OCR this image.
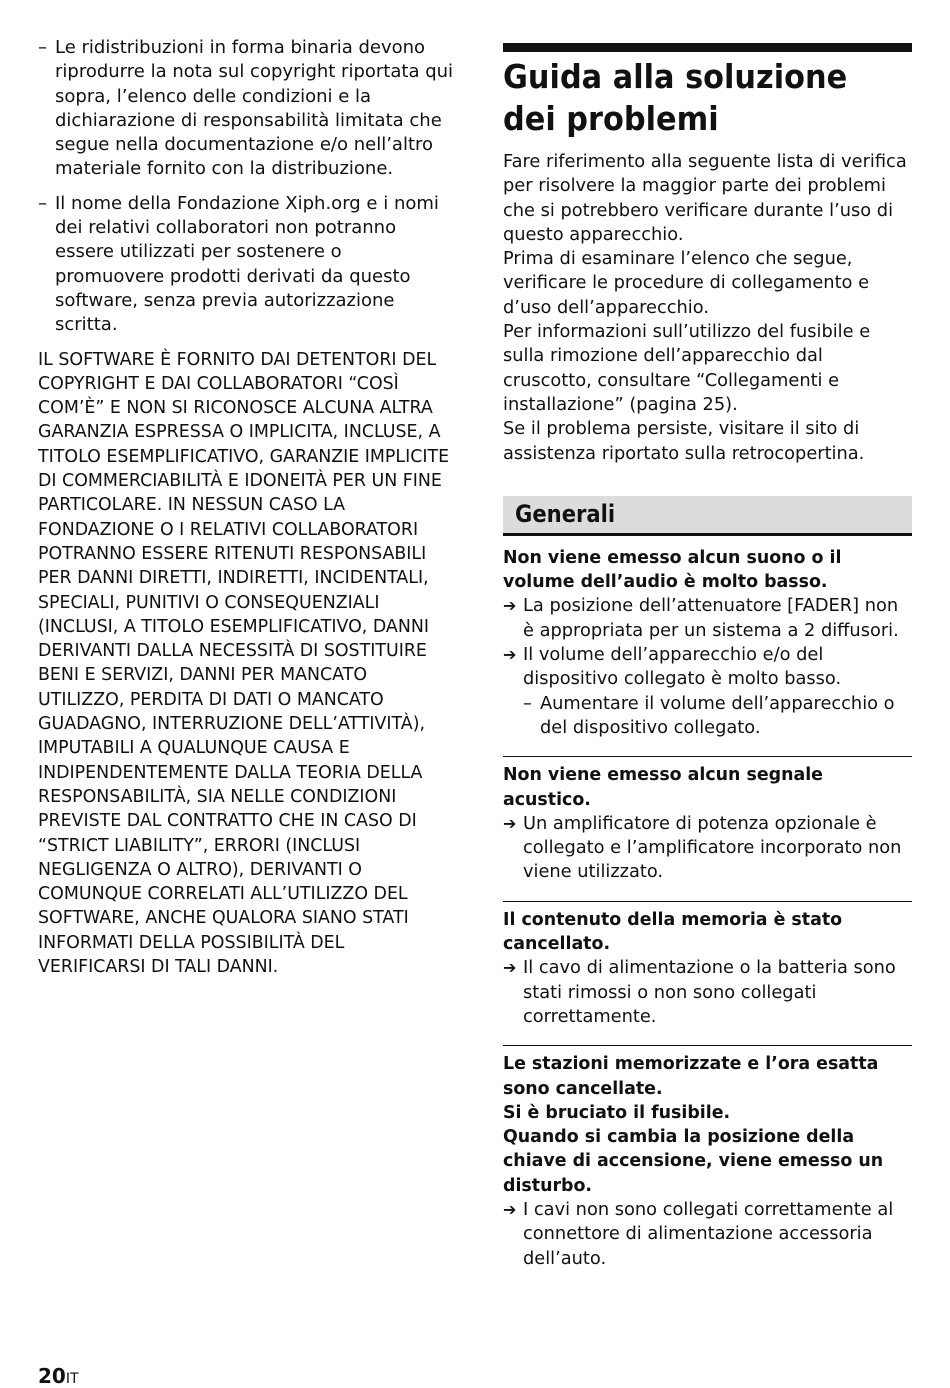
– Le ridistribuzioni in forma binaria devono riprodurre la nota sul copyright riportata qui sopra, l’elenco delle condizioni e la dichiarazione di responsabilità limitata che segue nella documentazione e/o nell’altro materiale fornito con la distribuzione.
– Il nome della Fondazione Xiph.org e i nomi dei relativi collaboratori non potranno essere utilizzati per sostenere o promuovere prodotti derivati da questo software, senza previa autorizzazione scritta.

IL SOFTWARE È FORNITO DAI DETENTORI DEL COPYRIGHT E DAI COLLABORATORI “COSÌ COM’È” E NON SI RICONOSCE ALCUNA ALTRA GARANZIA ESPRESSA O IMPLICITA, INCLUSE, A TITOLO ESEMPLIFICATIVO, GARANZIE IMPLICITE DI COMMERCIABILITÀ E IDONEITÀ PER UN FINE PARTICOLARE. IN NESSUN CASO LA FONDAZIONE O I RELATIVI COLLABORATORI POTRANNO ESSERE RITENUTI RESPONSABILI PER DANNI DIRETTI, INDIRETTI, INCIDENTALI, SPECIALI, PUNITIVI O CONSEQUENZIALI (INCLUSI, A TITOLO ESEMPLIFICATIVO, DANNI DERIVANTI DALLA NECESSITÀ DI SOSTITUIRE BENI E SERVIZI, DANNI PER MANCATO UTILIZZO, PERDITA DI DATI O MANCATO GUADAGNO, INTERRUZIONE DELL’ATTIVITÀ), IMPUTABILI A QUALUNQUE CAUSA E INDIPENDENTEMENTE DALLA TEORIA DELLA RESPONSABILITÀ, SIA NELLE CONDIZIONI PREVISTE DAL CONTRATTO CHE IN CASO DI “STRICT LIABILITY”, ERRORI (INCLUSI NEGLIGENZA O ALTRO), DERIVANTI O COMUNQUE CORRELATI ALL’UTILIZZO DEL SOFTWARE, ANCHE QUALORA SIANO STATI INFORMATI DELLA POSSIBILITÀ DEL VERIFICARSI DI TALI DANNI.

Guida alla soluzione dei problemi

Fare riferimento alla seguente lista di verifica per risolvere la maggior parte dei problemi che si potrebbero verificare durante l’uso di questo apparecchio.

Prima di esaminare l’elenco che segue, verificare le procedure di collegamento e d’uso dell’apparecchio.

Per informazioni sull’utilizzo del fusibile e sulla rimozione dell’apparecchio dal cruscotto, consultare “Collegamenti e installazione” (pagina 25).

Se il problema persiste, visitare il sito di assistenza riportato sulla retrocopertina.

Generali

Non viene emesso alcun suono o il volume dell’audio è molto basso.

➔ La posizione dell’attenuatore [FADER] non è appropriata per un sistema a 2 diffusori.
➔ Il volume dell’apparecchio e/o del dispositivo collegato è molto basso.
– Aumentare il volume dell’apparecchio o del dispositivo collegato.

Non viene emesso alcun segnale acustico.

➔ Un amplificatore di potenza opzionale è collegato e l’amplificatore incorporato non viene utilizzato.

Il contenuto della memoria è stato cancellato.

➔ Il cavo di alimentazione o la batteria sono stati rimossi o non sono collegati correttamente.

Le stazioni memorizzate e l’ora esatta sono cancellate.

Si è bruciato il fusibile.

Quando si cambia la posizione della chiave di accensione, viene emesso un disturbo.

➔ I cavi non sono collegati correttamente al connettore di alimentazione accessoria dell’auto.
20IT
